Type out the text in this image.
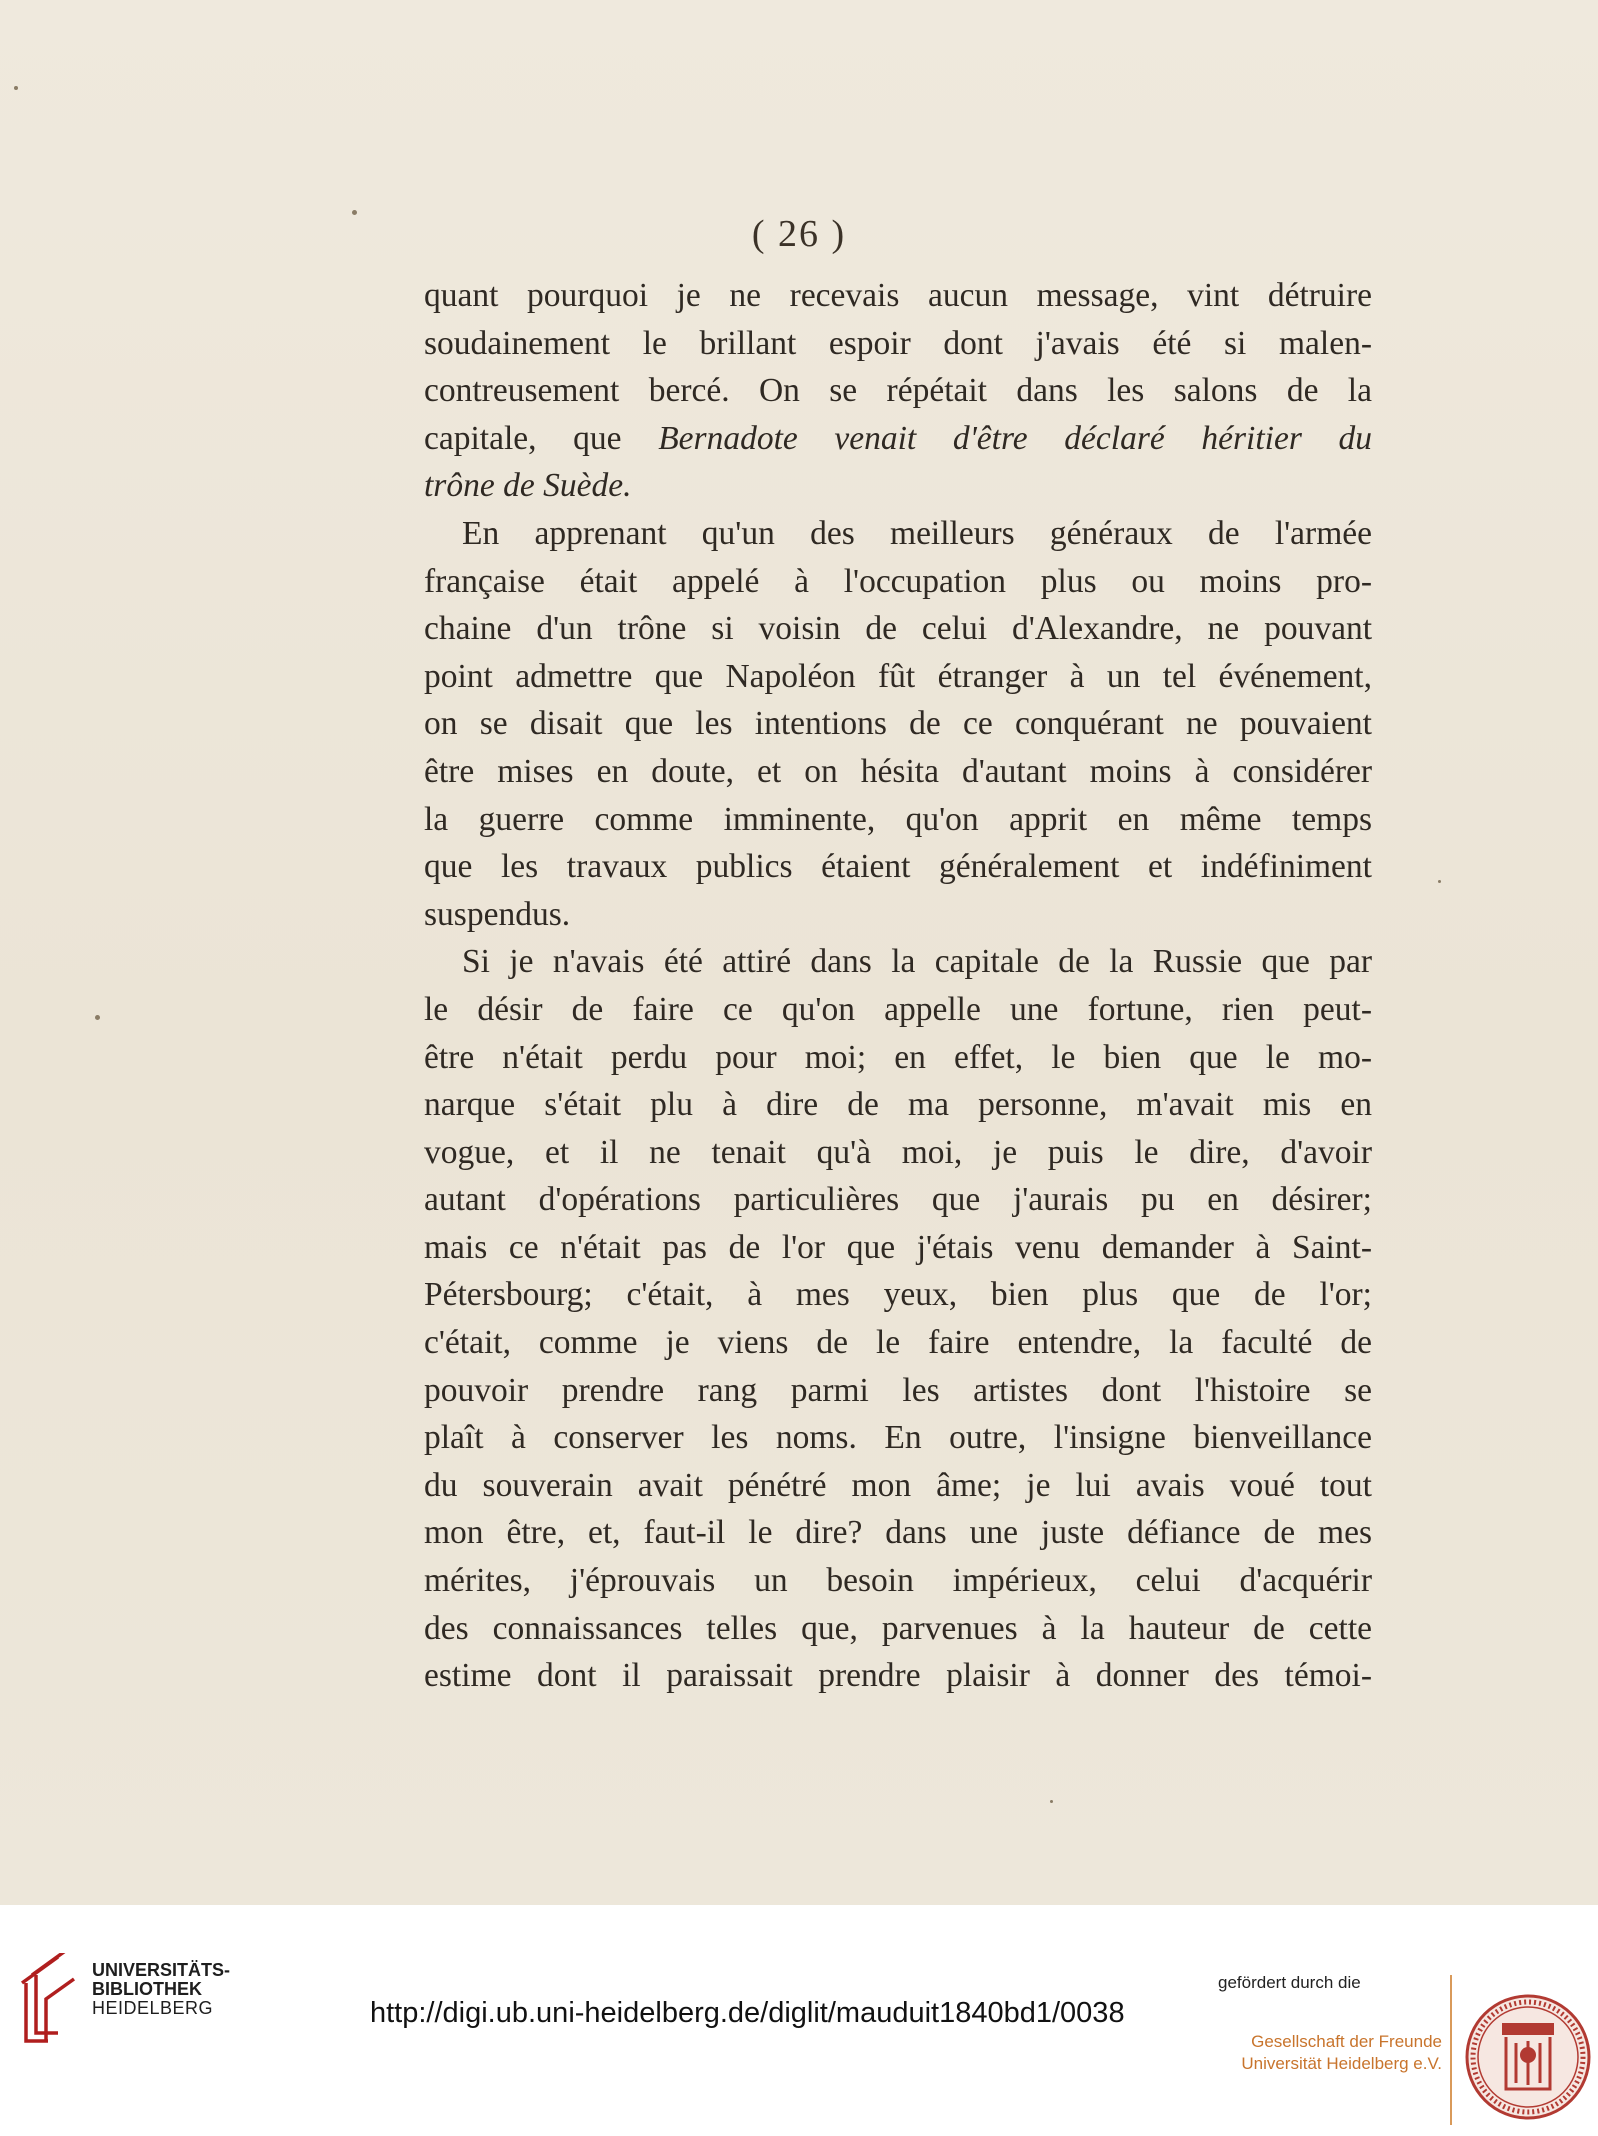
( 26 )
quant pourquoi je ne recevais aucun message, vint détruire
soudainement le brillant espoir dont j'avais été si malen-
contreusement bercé. On se répétait dans les salons de la
capitale, que Bernadote venait d'être déclaré héritier du
trône de Suède.
En apprenant qu'un des meilleurs généraux de l'armée
française était appelé à l'occupation plus ou moins pro-
chaine d'un trône si voisin de celui d'Alexandre, ne pouvant
point admettre que Napoléon fût étranger à un tel événement,
on se disait que les intentions de ce conquérant ne pouvaient
être mises en doute, et on hésita d'autant moins à considérer
la guerre comme imminente, qu'on apprit en même temps
que les travaux publics étaient généralement et indéfiniment
suspendus.
Si je n'avais été attiré dans la capitale de la Russie que par
le désir de faire ce qu'on appelle une fortune, rien peut-
être n'était perdu pour moi; en effet, le bien que le mo-
narque s'était plu à dire de ma personne, m'avait mis en
vogue, et il ne tenait qu'à moi, je puis le dire, d'avoir
autant d'opérations particulières que j'aurais pu en désirer;
mais ce n'était pas de l'or que j'étais venu demander à Saint-
Pétersbourg; c'était, à mes yeux, bien plus que de l'or;
c'était, comme je viens de le faire entendre, la faculté de
pouvoir prendre rang parmi les artistes dont l'histoire se
plaît à conserver les noms. En outre, l'insigne bienveillance
du souverain avait pénétré mon âme; je lui avais voué tout
mon être, et, faut-il le dire? dans une juste défiance de mes
mérites, j'éprouvais un besoin impérieux, celui d'acquérir
des connaissances telles que, parvenues à la hauteur de cette
estime dont il paraissait prendre plaisir à donner des témoi-
UNIVERSITÄTS-
BIBLIOTHEK
HEIDELBERG	http://digi.ub.uni-heidelberg.de/diglit/mauduit1840bd1/0038
gefördert durch die
Gesellschaft der Freunde
Universität Heidelberg e.V.
